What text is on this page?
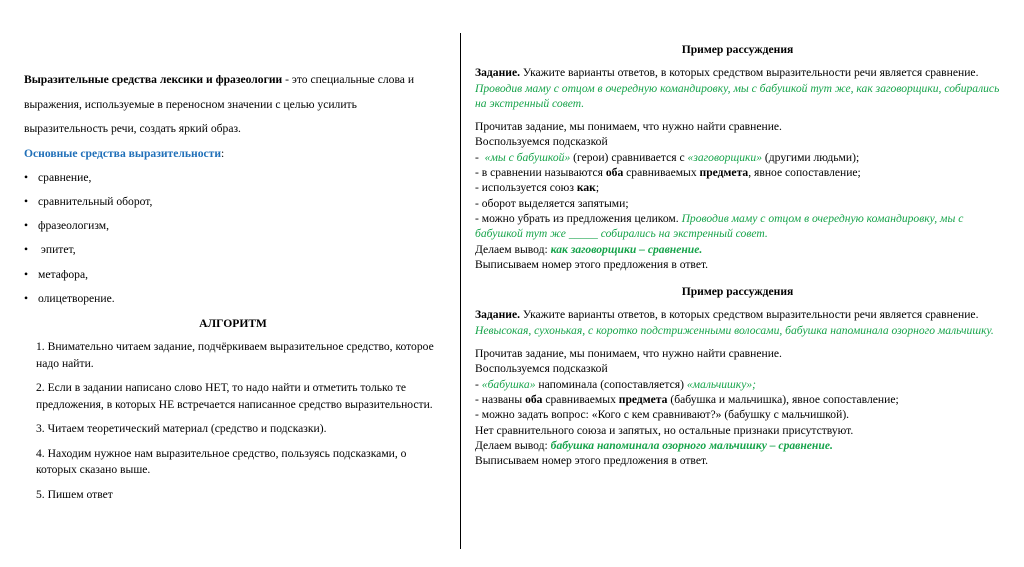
Выразительные средства лексики и фразеологии - это специальные слова и выражения, используемые в переносном значении с целью усилить выразительность речи, создать яркий образ.

Основные средства выразительности:

• сравнение,
• сравнительный оборот,
• фразеологизм,
• эпитет,
• метафора,
• олицетворение.
АЛГОРИТМ

1. Внимательно читаем задание, подчёркиваем выразительное средство, которое надо найти.

2. Если в задании написано слово НЕТ, то надо найти и отметить только те предложения, в которых НЕ встречается написанное средство выразительности.

3. Читаем теоретический материал (средство и подсказки).

4. Находим нужное нам выразительное средство, пользуясь подсказками, о которых сказано выше.

5. Пишем ответ

Пример рассуждения

Задание. Укажите варианты ответов, в которых средством выразительности речи является сравнение.

Проводив маму с отцом в очередную командировку, мы с бабушкой тут же, как заговорщики, собирались на экстренный совет.

Прочитав задание, мы понимаем, что нужно найти сравнение.

Воспользуемся подсказкой

-  «мы с бабушкой» (герои) сравнивается с «заговорщики» (другими людьми);

- в сравнении называются оба сравниваемых предмета, явное сопоставление;

- используется союз как;

- оборот выделяется запятыми;

- можно убрать из предложения целиком. Проводив маму с отцом в очередную командировку, мы с бабушкой тут же _____ собирались на экстренный совет.

Делаем вывод: как заговорщики – сравнение.

Выписываем номер этого предложения в ответ.

Пример рассуждения

Задание. Укажите варианты ответов, в которых средством выразительности речи является сравнение.

Невысокая, сухонькая, с коротко подстриженными волосами, бабушка напоминала озорного мальчишку.

Прочитав задание, мы понимаем, что нужно найти сравнение.

Воспользуемся подсказкой

- «бабушка» напоминала (сопоставляется) «мальчишку»;

- названы оба сравниваемых предмета (бабушка и мальчишка), явное сопоставление;

- можно задать вопрос: «Кого с кем сравнивают?» (бабушку с мальчишкой).

Нет сравнительного союза и запятых, но остальные признаки присутствуют.

Делаем вывод: бабушка напоминала озорного мальчишку – сравнение.

Выписываем номер этого предложения в ответ.
